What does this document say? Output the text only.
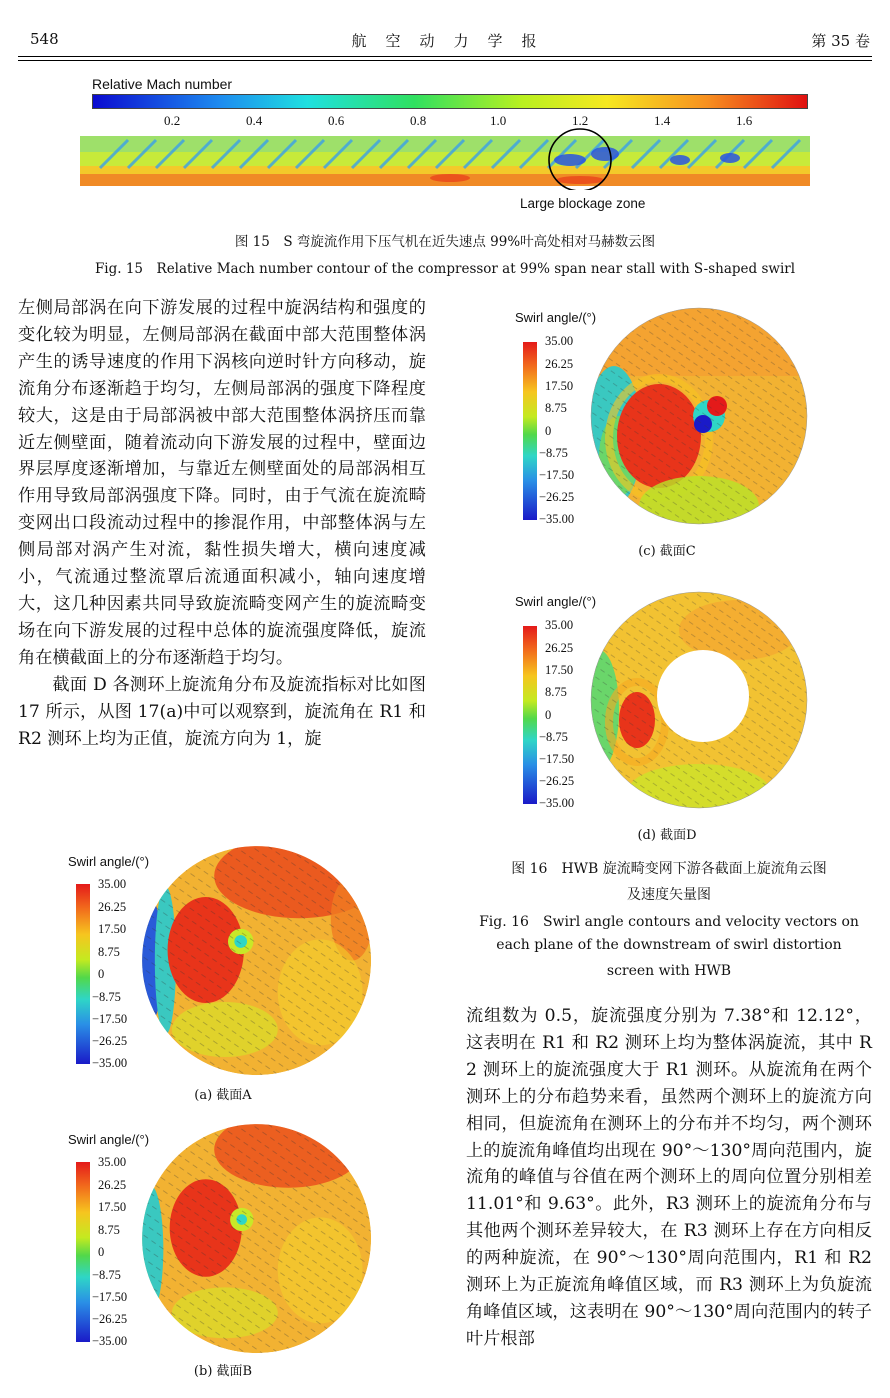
548	航　空　动　力　学　报	第 35 卷
Relative Mach number
0.2	0.4	0.6	0.8	1.0	1.2	1.4	1.6
Large blockage zone
图 15　S 弯旋流作用下压气机在近失速点 99%叶高处相对马赫数云图
Fig. 15　Relative Mach number contour of the compressor at 99% span near stall with S-shaped swirl

左侧局部涡在向下游发展的过程中旋涡结构和强度的变化较为明显，左侧局部涡在截面中部大范围整体涡产生的诱导速度的作用下涡核向逆时针方向移动，旋流角分布逐渐趋于均匀，左侧局部涡的强度下降程度较大，这是由于局部涡被中部大范围整体涡挤压而靠近左侧壁面，随着流动向下游发展的过程中，壁面边界层厚度逐渐增加，与靠近左侧壁面处的局部涡相互作用导致局部涡强度下降。同时，由于气流在旋流畸变网出口段流动过程中的掺混作用，中部整体涡与左侧局部对涡产生对流，黏性损失增大，横向速度减小，气流通过整流罩后流通面积减小，轴向速度增大，这几种因素共同导致旋流畸变网产生的旋流畸变场在向下游发展的过程中总体的旋流强度降低，旋流角在横截面上的分布逐渐趋于均匀。

截面 D 各测环上旋流角分布及旋流指标对比如图 17 所示，从图 17(a)中可以观察到，旋流角在 R1 和 R2 测环上均为正值，旋流方向为 1，旋

流组数为 0.5，旋流强度分别为 7.38°和 12.12°，这表明在 R1 和 R2 测环上均为整体涡旋流，其中 R2 测环上的旋流强度大于 R1 测环。从旋流角在两个测环上的分布趋势来看，虽然两个测环上的旋流方向相同，但旋流角在测环上的分布并不均匀，两个测环上的旋流角峰值均出现在 90°～130°周向范围内，旋流角的峰值与谷值在两个测环上的周向位置分别相差 11.01°和 9.63°。此外，R3 测环上的旋流角分布与其他两个测环差异较大，在 R3 测环上存在方向相反的两种旋流，在 90°～130°周向范围内，R1 和 R2 测环上为正旋流角峰值区域，而 R3 测环上为负旋流角峰值区域，这表明在 90°～130°周向范围内的转子叶片根部

Swirl angle/(°)
35.00
26.25
17.50
8.75
0
−8.75
−17.50
−26.25
−35.00
(c) 截面C
Swirl angle/(°)
35.00
26.25
17.50
8.75
0
−8.75
−17.50
−26.25
−35.00
(d) 截面D
图 16　HWB 旋流畸变网下游各截面上旋流角云图
及速度矢量图
Fig. 16　Swirl angle contours and velocity vectors on
each plane of the downstream of swirl distortion
screen with HWB
Swirl angle/(°)
35.00
26.25
17.50
8.75
0
−8.75
−17.50
−26.25
−35.00
(a) 截面A
Swirl angle/(°)
35.00
26.25
17.50
8.75
0
−8.75
−17.50
−26.25
−35.00
(b) 截面B
